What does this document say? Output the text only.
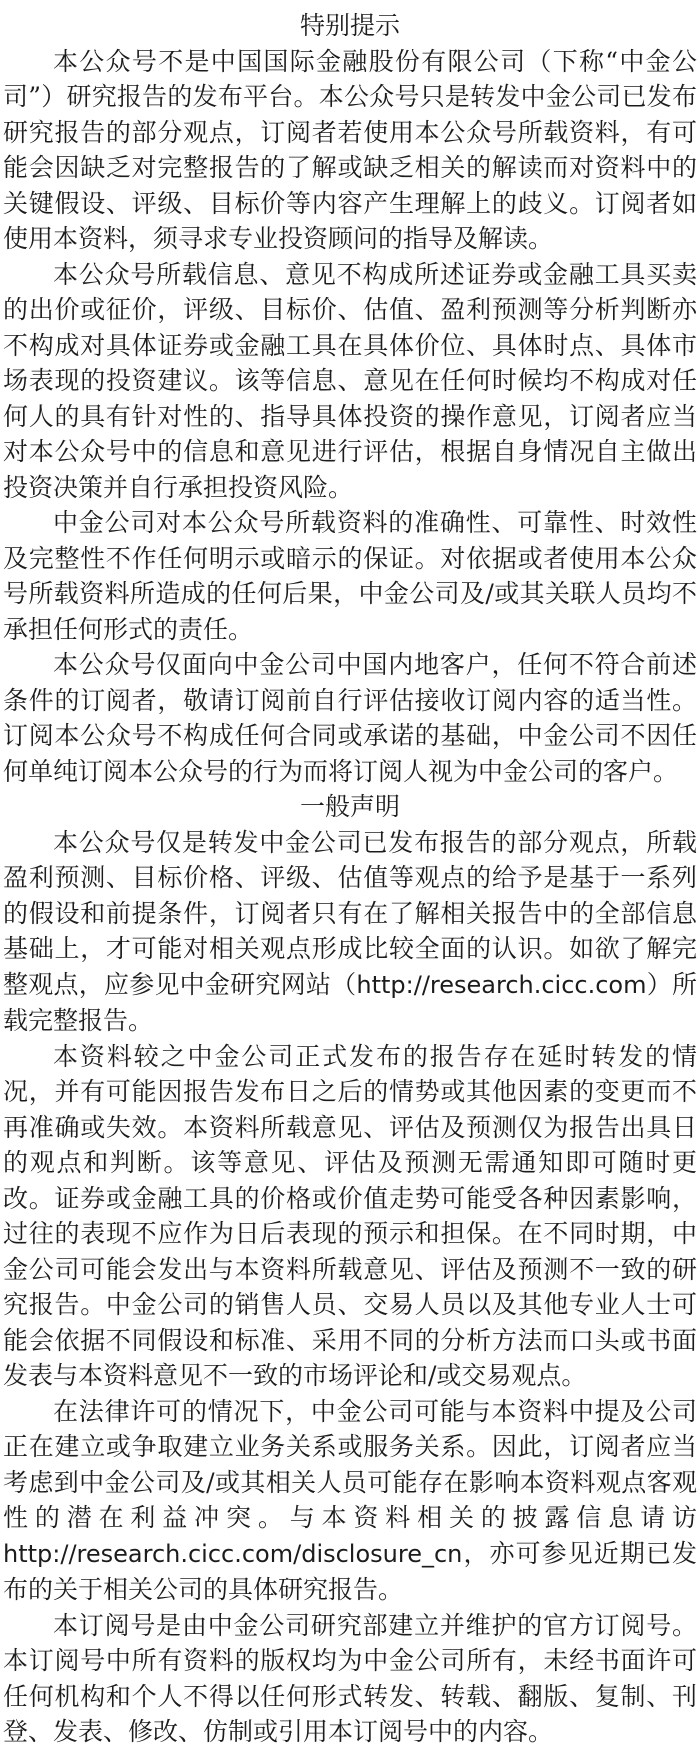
特别提示

本公众号不是中国国际金融股份有限公司（下称“中金公司”）研究报告的发布平台。本公众号只是转发中金公司已发布研究报告的部分观点，订阅者若使用本公众号所载资料，有可能会因缺乏对完整报告的了解或缺乏相关的解读而对资料中的关键假设、评级、目标价等内容产生理解上的歧义。订阅者如使用本资料，须寻求专业投资顾问的指导及解读。

本公众号所载信息、意见不构成所述证券或金融工具买卖的出价或征价，评级、目标价、估值、盈利预测等分析判断亦不构成对具体证券或金融工具在具体价位、具体时点、具体市场表现的投资建议。该等信息、意见在任何时候均不构成对任何人的具有针对性的、指导具体投资的操作意见，订阅者应当对本公众号中的信息和意见进行评估，根据自身情况自主做出投资决策并自行承担投资风险。

中金公司对本公众号所载资料的准确性、可靠性、时效性及完整性不作任何明示或暗示的保证。对依据或者使用本公众号所载资料所造成的任何后果，中金公司及/或其关联人员均不承担任何形式的责任。

本公众号仅面向中金公司中国内地客户，任何不符合前述条件的订阅者，敬请订阅前自行评估接收订阅内容的适当性。订阅本公众号不构成任何合同或承诺的基础，中金公司不因任何单纯订阅本公众号的行为而将订阅人视为中金公司的客户。

一般声明

本公众号仅是转发中金公司已发布报告的部分观点，所载盈利预测、目标价格、评级、估值等观点的给予是基于一系列的假设和前提条件，订阅者只有在了解相关报告中的全部信息基础上，才可能对相关观点形成比较全面的认识。如欲了解完整观点，应参见中金研究网站（http://research.cicc.com）所载完整报告。

本资料较之中金公司正式发布的报告存在延时转发的情况，并有可能因报告发布日之后的情势或其他因素的变更而不再准确或失效。本资料所载意见、评估及预测仅为报告出具日的观点和判断。该等意见、评估及预测无需通知即可随时更改。证券或金融工具的价格或价值走势可能受各种因素影响，过往的表现不应作为日后表现的预示和担保。在不同时期，中金公司可能会发出与本资料所载意见、评估及预测不一致的研究报告。中金公司的销售人员、交易人员以及其他专业人士可能会依据不同假设和标准、采用不同的分析方法而口头或书面发表与本资料意见不一致的市场评论和/或交易观点。

在法律许可的情况下，中金公司可能与本资料中提及公司正在建立或争取建立业务关系或服务关系。因此，订阅者应当考虑到中金公司及/或其相关人员可能存在影响本资料观点客观性的潜在利益冲突。与本资料相关的披露信息请访http://research.cicc.com/disclosure_cn，亦可参见近期已发布的关于相关公司的具体研究报告。

本订阅号是由中金公司研究部建立并维护的官方订阅号。本订阅号中所有资料的版权均为中金公司所有，未经书面许可任何机构和个人不得以任何形式转发、转载、翻版、复制、刊登、发表、修改、仿制或引用本订阅号中的内容。
